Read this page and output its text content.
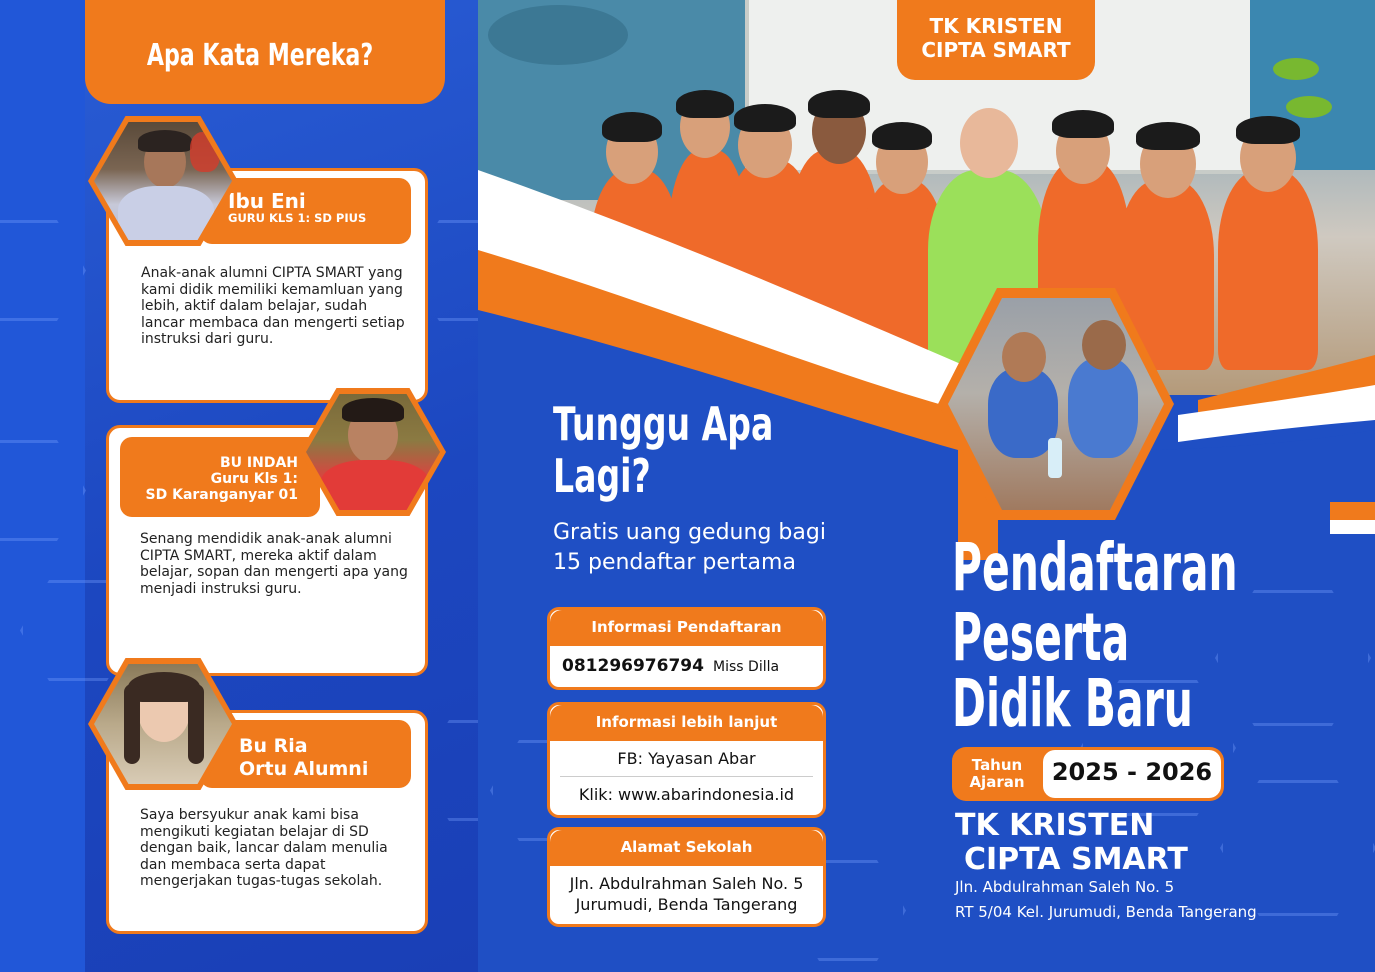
Apa Kata Mereka?
Ibu Eni
GURU KLS 1: SD PIUS
Anak-anak alumni CIPTA SMART yang kami didik memiliki kemamluan yang lebih, aktif dalam belajar, sudah lancar membaca dan mengerti setiap instruksi dari guru.
BU INDAH
Guru Kls 1:
SD Karanganyar 01
Senang mendidik anak-anak alumni CIPTA SMART, mereka aktif dalam belajar, sopan dan mengerti apa yang menjadi instruksi guru.
Bu Ria
Ortu Alumni
Saya bersyukur anak kami bisa mengikuti kegiatan belajar di SD dengan baik, lancar dalam menulia dan membaca serta dapat mengerjakan tugas-tugas sekolah.
TK KRISTEN
CIPTA SMART
Tunggu Apa
Lagi?
Gratis uang gedung bagi
15 pendaftar pertama
Informasi Pendaftaran
081296976794 Miss Dilla
Informasi lebih lanjut
FB: Yayasan Abar
Klik: www.abarindonesia.id
Alamat Sekolah
Jln. Abdulrahman Saleh No. 5
Jurumudi, Benda Tangerang
Pendaftaran
Peserta
Didik Baru
Tahun
Ajaran	2025 - 2026
TK KRISTEN
CIPTA SMART
Jln. Abdulrahman Saleh No. 5
RT 5/04 Kel. Jurumudi, Benda Tangerang
